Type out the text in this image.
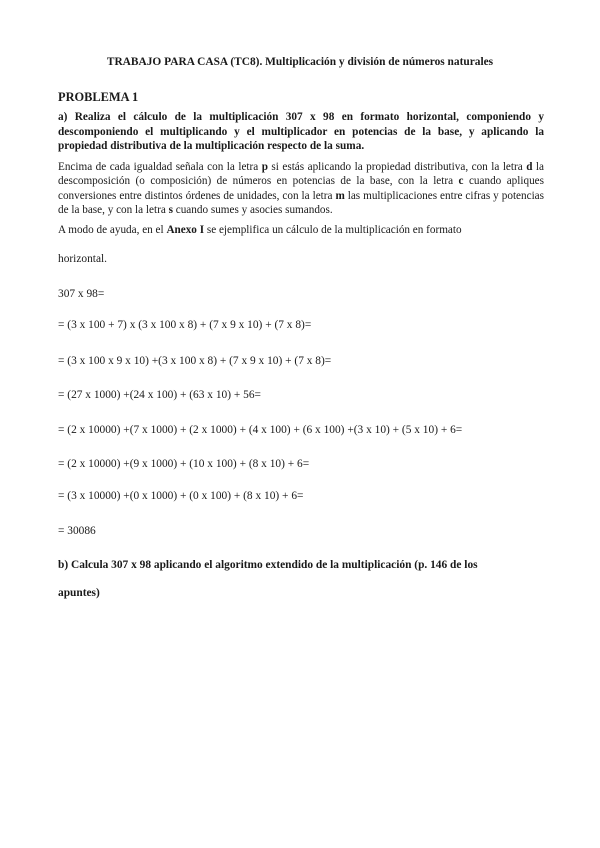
TRABAJO PARA CASA (TC8). Multiplicación y división de números naturales
PROBLEMA 1
a) Realiza el cálculo de la multiplicación 307 x 98 en formato horizontal, componiendo y descomponiendo el multiplicando y el multiplicador en potencias de la base, y aplicando la propiedad distributiva de la multiplicación respecto de la suma.
Encima de cada igualdad señala con la letra p si estás aplicando la propiedad distributiva, con la letra d la descomposición (o composición) de números en potencias de la base, con la letra c cuando apliques conversiones entre distintos órdenes de unidades, con la letra m las multiplicaciones entre cifras y potencias de la base, y con la letra s cuando sumes y asocies sumandos.
A modo de ayuda, en el Anexo I se ejemplifica un cálculo de la multiplicación en formato
horizontal.
307 x 98=
= (3 x 100 + 7) x (3 x 100 x 8) + (7 x 9 x 10) + (7 x 8)=
= (3 x 100 x 9 x 10) +(3 x 100 x 8) + (7 x 9 x 10) + (7 x 8)=
= (27 x 1000) +(24 x 100) + (63 x 10) + 56=
= (2 x 10000) +(7 x 1000) + (2 x 1000) + (4 x 100) + (6 x 100) +(3 x 10) + (5 x 10) + 6=
= (2 x 10000) +(9 x 1000) + (10 x 100) + (8 x 10) + 6=
= (3 x 10000) +(0 x 1000) + (0 x 100) + (8 x 10) + 6=
= 30086
b) Calcula 307 x 98 aplicando el algoritmo extendido de la multiplicación (p. 146 de los
apuntes)
